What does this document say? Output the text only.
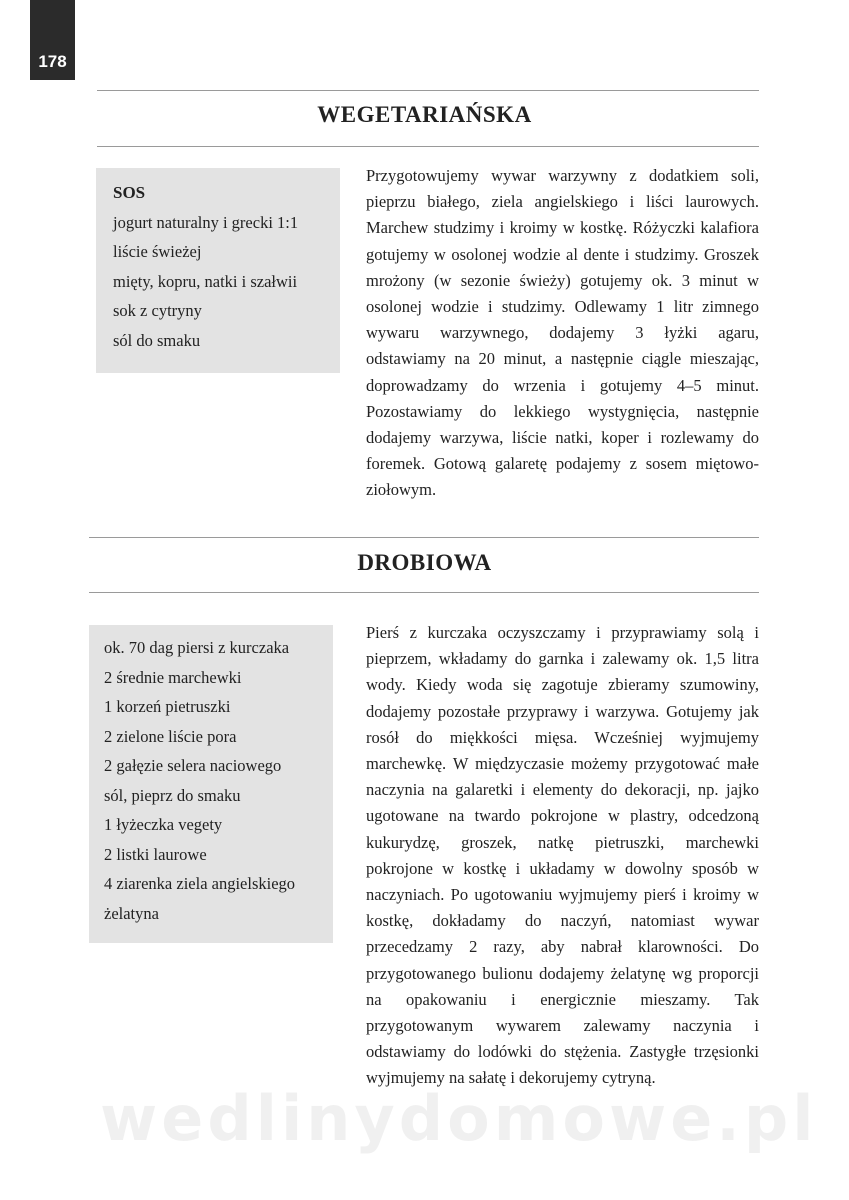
178
WEGETARIAŃSKA
SOS
jogurt naturalny i grecki 1:1
liście świeżej
mięty, kopru, natki i szałwii
sok z cytryny
sól do smaku
Przygotowujemy wywar warzywny z dodatkiem soli, pieprzu białego, ziela angielskiego i liści laurowych. Marchew studzimy i kroimy w kostkę. Różyczki kalafiora gotujemy w osolonej wodzie al dente i studzimy. Groszek mrożony (w sezonie świeży) gotujemy ok. 3 minut w osolonej wodzie i studzimy. Odlewamy 1 litr zimnego wywaru warzywnego, dodajemy 3 łyżki agaru, odstawiamy na 20 minut, a następnie ciągle mieszając, doprowadzamy do wrzenia i gotujemy 4–5 minut. Pozostawiamy do lekkiego wystygnięcia, następnie dodajemy warzywa, liście natki, koper i rozlewamy do foremek. Gotową galaretę podajemy z sosem miętowo-ziołowym.
DROBIOWA
ok. 70 dag piersi z kurczaka
2 średnie marchewki
1 korzeń pietruszki
2 zielone liście pora
2 gałęzie selera naciowego
sól, pieprz do smaku
1 łyżeczka vegety
2 listki laurowe
4 ziarenka ziela angielskiego
żelatyna
Pierś z kurczaka oczyszczamy i przyprawiamy solą i pieprzem, wkładamy do garnka i zalewamy ok. 1,5 litra wody. Kiedy woda się zagotuje zbieramy szumowiny, dodajemy pozostałe przyprawy i warzywa. Gotujemy jak rosół do miękkości mięsa. Wcześniej wyjmujemy marchewkę. W międzyczasie możemy przygotować małe naczynia na galaretki i elementy do dekoracji, np. jajko ugotowane na twardo pokrojone w plastry, odcedzoną kukurydzę, groszek, natkę pietruszki, marchewki pokrojone w kostkę i układamy w dowolny sposób w naczyniach. Po ugotowaniu wyjmujemy pierś i kroimy w kostkę, dokładamy do naczyń, natomiast wywar przecedzamy 2 razy, aby nabrał klarowności. Do przygotowanego bulionu dodajemy żelatynę wg proporcji na opakowaniu i energicznie mieszamy. Tak przygotowanym wywarem zalewamy naczynia i odstawiamy do lodówki do stężenia. Zastygłe trzęsionki wyjmujemy na sałatę i dekorujemy cytryną.
wedlinydomowe.pl
